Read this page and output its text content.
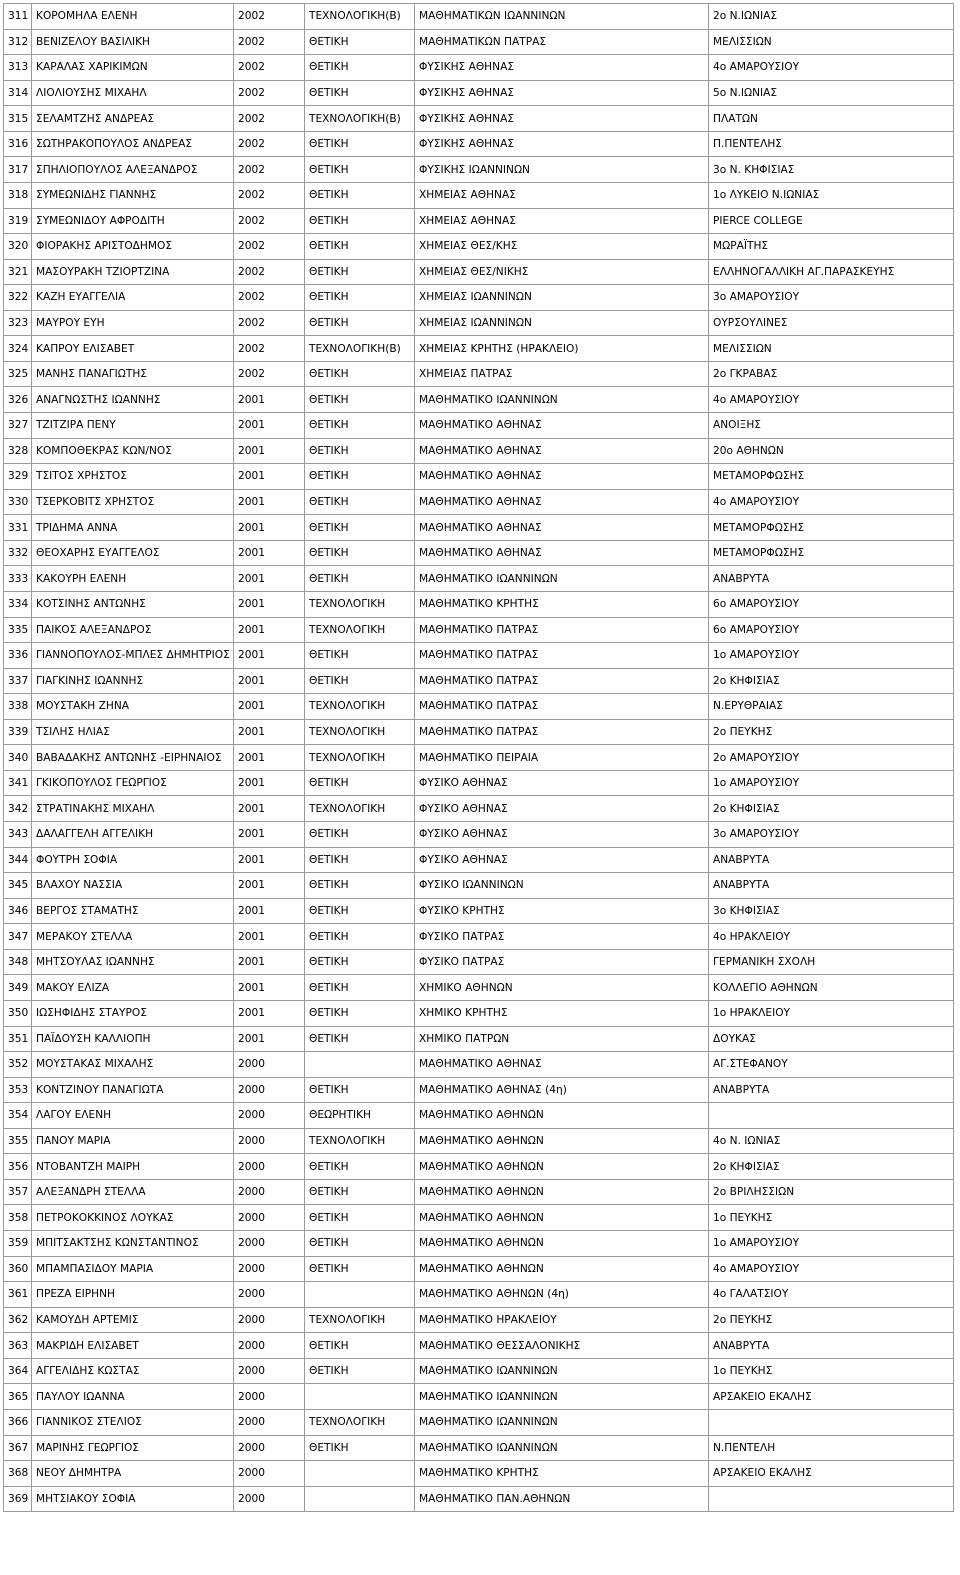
311	ΚΟΡΟΜΗΛΑ ΕΛΕΝΗ	2002	ΤΕΧΝΟΛΟΓΙΚΗ(Β)	ΜΑΘΗΜΑΤΙΚΩΝ ΙΩΑΝΝΙΝΩΝ	2ο Ν.ΙΩΝΙΑΣ
312	ΒΕΝΙΖΕΛΟΥ ΒΑΣΙΛΙΚΗ	2002	ΘΕΤΙΚΗ	ΜΑΘΗΜΑΤΙΚΩΝ ΠΑΤΡΑΣ	ΜΕΛΙΣΣΙΩΝ
313	ΚΑΡΑΛΑΣ ΧΑΡΙΚΙΜΩΝ	2002	ΘΕΤΙΚΗ	ΦΥΣΙΚΗΣ ΑΘΗΝΑΣ	4ο ΑΜΑΡΟΥΣΙΟΥ
314	ΛΙΟΛΙΟΥΣΗΣ ΜΙΧΑΗΛ	2002	ΘΕΤΙΚΗ	ΦΥΣΙΚΗΣ ΑΘΗΝΑΣ	5ο Ν.ΙΩΝΙΑΣ
315	ΣΕΛΑΜΤΖΗΣ ΑΝΔΡΕΑΣ	2002	ΤΕΧΝΟΛΟΓΙΚΗ(Β)	ΦΥΣΙΚΗΣ ΑΘΗΝΑΣ	ΠΛΑΤΩΝ
316	ΣΩΤΗΡΑΚΟΠΟΥΛΟΣ ΑΝΔΡΕΑΣ	2002	ΘΕΤΙΚΗ	ΦΥΣΙΚΗΣ ΑΘΗΝΑΣ	Π.ΠΕΝΤΕΛΗΣ
317	ΣΠΗΛΙΟΠΟΥΛΟΣ ΑΛΕΞΑΝΔΡΟΣ	2002	ΘΕΤΙΚΗ	ΦΥΣΙΚΗΣ ΙΩΑΝΝΙΝΩΝ	3ο Ν. ΚΗΦΙΣΙΑΣ
318	ΣΥΜΕΩΝΙΔΗΣ ΓΙΑΝΝΗΣ	2002	ΘΕΤΙΚΗ	ΧΗΜΕΙΑΣ ΑΘΗΝΑΣ	1ο ΛΥΚΕΙΟ Ν.ΙΩΝΙΑΣ
319	ΣΥΜΕΩΝΙΔΟΥ ΑΦΡΟΔΙΤΗ	2002	ΘΕΤΙΚΗ	ΧΗΜΕΙΑΣ ΑΘΗΝΑΣ	PIERCE COLLEGE
320	ΦΙΟΡΑΚΗΣ ΑΡΙΣΤΟΔΗΜΟΣ	2002	ΘΕΤΙΚΗ	ΧΗΜΕΙΑΣ ΘΕΣ/ΚΗΣ	ΜΩΡΑΪΤΗΣ
321	ΜΑΣΟΥΡΑΚΗ ΤΖΙΟΡΤΖΙΝΑ	2002	ΘΕΤΙΚΗ	ΧΗΜΕΙΑΣ ΘΕΣ/ΝΙΚΗΣ	ΕΛΛΗΝΟΓΑΛΛΙΚΗ ΑΓ.ΠΑΡΑΣΚΕΥΗΣ
322	ΚΑΖΗ ΕΥΑΓΓΕΛΙΑ	2002	ΘΕΤΙΚΗ	ΧΗΜΕΙΑΣ ΙΩΑΝΝΙΝΩΝ	3ο ΑΜΑΡΟΥΣΙΟΥ
323	ΜΑΥΡΟΥ ΕΥΗ	2002	ΘΕΤΙΚΗ	ΧΗΜΕΙΑΣ ΙΩΑΝΝΙΝΩΝ	ΟΥΡΣΟΥΛΙΝΕΣ
324	ΚΑΠΡΟΥ ΕΛΙΣΑΒΕΤ	2002	ΤΕΧΝΟΛΟΓΙΚΗ(Β)	ΧΗΜΕΙΑΣ ΚΡΗΤΗΣ (ΗΡΑΚΛΕΙΟ)	ΜΕΛΙΣΣΙΩΝ
325	ΜΑΝΗΣ ΠΑΝΑΓΙΩΤΗΣ	2002	ΘΕΤΙΚΗ	ΧΗΜΕΙΑΣ ΠΑΤΡΑΣ	2ο ΓΚΡΑΒΑΣ
326	ΑΝΑΓΝΩΣΤΗΣ ΙΩΑΝΝΗΣ	2001	ΘΕΤΙΚΗ	ΜΑΘΗΜΑΤΙΚΟ ΙΩΑΝΝΙΝΩΝ	4ο ΑΜΑΡΟΥΣΙΟΥ
327	ΤΖΙΤΖΙΡΑ ΠΕΝΥ	2001	ΘΕΤΙΚΗ	ΜΑΘΗΜΑΤΙΚΟ ΑΘΗΝΑΣ	ΑΝΟΙΞΗΣ
328	ΚΟΜΠΟΘΕΚΡΑΣ ΚΩΝ/ΝΟΣ	2001	ΘΕΤΙΚΗ	ΜΑΘΗΜΑΤΙΚΟ ΑΘΗΝΑΣ	20ο ΑΘΗΝΩΝ
329	ΤΣΙΤΟΣ ΧΡΗΣΤΟΣ	2001	ΘΕΤΙΚΗ	ΜΑΘΗΜΑΤΙΚΟ ΑΘΗΝΑΣ	ΜΕΤΑΜΟΡΦΩΣΗΣ
330	ΤΣΕΡΚΟΒΙΤΣ ΧΡΗΣΤΟΣ	2001	ΘΕΤΙΚΗ	ΜΑΘΗΜΑΤΙΚΟ ΑΘΗΝΑΣ	4ο ΑΜΑΡΟΥΣΙΟΥ
331	ΤΡΙΔΗΜΑ ΑΝΝΑ	2001	ΘΕΤΙΚΗ	ΜΑΘΗΜΑΤΙΚΟ ΑΘΗΝΑΣ	ΜΕΤΑΜΟΡΦΩΣΗΣ
332	ΘΕΟΧΑΡΗΣ ΕΥΑΓΓΕΛΟΣ	2001	ΘΕΤΙΚΗ	ΜΑΘΗΜΑΤΙΚΟ ΑΘΗΝΑΣ	ΜΕΤΑΜΟΡΦΩΣΗΣ
333	ΚΑΚΟΥΡΗ ΕΛΕΝΗ	2001	ΘΕΤΙΚΗ	ΜΑΘΗΜΑΤΙΚΟ ΙΩΑΝΝΙΝΩΝ	ΑΝΑΒΡΥΤΑ
334	ΚΟΤΣΙΝΗΣ ΑΝΤΩΝΗΣ	2001	ΤΕΧΝΟΛΟΓΙΚΗ	ΜΑΘΗΜΑΤΙΚΟ ΚΡΗΤΗΣ	6ο ΑΜΑΡΟΥΣΙΟΥ
335	ΠΑΙΚΟΣ ΑΛΕΞΑΝΔΡΟΣ	2001	ΤΕΧΝΟΛΟΓΙΚΗ	ΜΑΘΗΜΑΤΙΚΟ ΠΑΤΡΑΣ	6ο ΑΜΑΡΟΥΣΙΟΥ
336	ΓΙΑΝΝΟΠΟΥΛΟΣ-ΜΠΛΕΣ ΔΗΜΗΤΡΙΟΣ	2001	ΘΕΤΙΚΗ	ΜΑΘΗΜΑΤΙΚΟ ΠΑΤΡΑΣ	1ο ΑΜΑΡΟΥΣΙΟΥ
337	ΓΙΑΓΚΙΝΗΣ ΙΩΑΝΝΗΣ	2001	ΘΕΤΙΚΗ	ΜΑΘΗΜΑΤΙΚΟ ΠΑΤΡΑΣ	2ο ΚΗΦΙΣΙΑΣ
338	ΜΟΥΣΤΑΚΗ ΖΗΝΑ	2001	ΤΕΧΝΟΛΟΓΙΚΗ	ΜΑΘΗΜΑΤΙΚΟ ΠΑΤΡΑΣ	Ν.ΕΡΥΘΡΑΙΑΣ
339	ΤΣΙΛΗΣ ΗΛΙΑΣ	2001	ΤΕΧΝΟΛΟΓΙΚΗ	ΜΑΘΗΜΑΤΙΚΟ ΠΑΤΡΑΣ	2ο ΠΕΥΚΗΣ
340	ΒΑΒΑΔΑΚΗΣ ΑΝΤΩΝΗΣ -ΕΙΡΗΝΑΙΟΣ	2001	ΤΕΧΝΟΛΟΓΙΚΗ	ΜΑΘΗΜΑΤΙΚΟ ΠΕΙΡΑΙΑ	2ο ΑΜΑΡΟΥΣΙΟΥ
341	ΓΚΙΚΟΠΟΥΛΟΣ ΓΕΩΡΓΙΟΣ	2001	ΘΕΤΙΚΗ	ΦΥΣΙΚΟ ΑΘΗΝΑΣ	1ο ΑΜΑΡΟΥΣΙΟΥ
342	ΣΤΡΑΤΙΝΑΚΗΣ ΜΙΧΑΗΛ	2001	ΤΕΧΝΟΛΟΓΙΚΗ	ΦΥΣΙΚΟ ΑΘΗΝΑΣ	2ο ΚΗΦΙΣΙΑΣ
343	ΔΑΛΑΓΓΕΛΗ ΑΓΓΕΛΙΚΗ	2001	ΘΕΤΙΚΗ	ΦΥΣΙΚΟ ΑΘΗΝΑΣ	3ο ΑΜΑΡΟΥΣΙΟΥ
344	ΦΟΥΤΡΗ ΣΟΦΙΑ	2001	ΘΕΤΙΚΗ	ΦΥΣΙΚΟ ΑΘΗΝΑΣ	ΑΝΑΒΡΥΤΑ
345	ΒΛΑΧΟΥ ΝΑΣΣΙΑ	2001	ΘΕΤΙΚΗ	ΦΥΣΙΚΟ ΙΩΑΝΝΙΝΩΝ	ΑΝΑΒΡΥΤΑ
346	ΒΕΡΓΟΣ ΣΤΑΜΑΤΗΣ	2001	ΘΕΤΙΚΗ	ΦΥΣΙΚΟ ΚΡΗΤΗΣ	3ο ΚΗΦΙΣΙΑΣ
347	ΜΕΡΑΚΟΥ ΣΤΕΛΛΑ	2001	ΘΕΤΙΚΗ	ΦΥΣΙΚΟ ΠΑΤΡΑΣ	4ο ΗΡΑΚΛΕΙΟΥ
348	ΜΗΤΣΟΥΛΑΣ ΙΩΑΝΝΗΣ	2001	ΘΕΤΙΚΗ	ΦΥΣΙΚΟ ΠΑΤΡΑΣ	ΓΕΡΜΑΝΙΚΗ ΣΧΟΛΗ
349	ΜΑΚΟΥ ΕΛΙΖΑ	2001	ΘΕΤΙΚΗ	ΧΗΜΙΚΟ ΑΘΗΝΩΝ	ΚΟΛΛΕΓΙΟ ΑΘΗΝΩΝ
350	ΙΩΣΗΦΙΔΗΣ ΣΤΑΥΡΟΣ	2001	ΘΕΤΙΚΗ	ΧΗΜΙΚΟ ΚΡΗΤΗΣ	1ο ΗΡΑΚΛΕΙΟΥ
351	ΠΑΪΔΟΥΣΗ ΚΑΛΛΙΟΠΗ	2001	ΘΕΤΙΚΗ	ΧΗΜΙΚΟ ΠΑΤΡΩΝ	ΔΟΥΚΑΣ
352	ΜΟΥΣΤΑΚΑΣ ΜΙΧΑΛΗΣ	2000		ΜΑΘΗΜΑΤΙΚΟ ΑΘΗΝΑΣ	ΑΓ.ΣΤΕΦΑΝΟΥ
353	ΚΟΝΤΖΙΝΟΥ ΠΑΝΑΓΙΩΤΑ	2000	ΘΕΤΙΚΗ	ΜΑΘΗΜΑΤΙΚΟ ΑΘΗΝΑΣ (4η)	ΑΝΑΒΡΥΤΑ
354	ΛΑΓΟΥ ΕΛΕΝΗ	2000	ΘΕΩΡΗΤΙΚΗ	ΜΑΘΗΜΑΤΙΚΟ ΑΘΗΝΩΝ	
355	ΠΑΝΟΥ ΜΑΡΙΑ	2000	ΤΕΧΝΟΛΟΓΙΚΗ	ΜΑΘΗΜΑΤΙΚΟ ΑΘΗΝΩΝ	4ο Ν. ΙΩΝΙΑΣ
356	ΝΤΟΒΑΝΤΖΗ ΜΑΙΡΗ	2000	ΘΕΤΙΚΗ	ΜΑΘΗΜΑΤΙΚΟ ΑΘΗΝΩΝ	2ο ΚΗΦΙΣΙΑΣ
357	ΑΛΕΞΑΝΔΡΗ ΣΤΕΛΛΑ	2000	ΘΕΤΙΚΗ	ΜΑΘΗΜΑΤΙΚΟ ΑΘΗΝΩΝ	2ο ΒΡΙΛΗΣΣΙΩΝ
358	ΠΕΤΡΟΚΟΚΚΙΝΟΣ ΛΟΥΚΑΣ	2000	ΘΕΤΙΚΗ	ΜΑΘΗΜΑΤΙΚΟ ΑΘΗΝΩΝ	1ο ΠΕΥΚΗΣ
359	ΜΠΙΤΣΑΚΤΣΗΣ ΚΩΝΣΤΑΝΤΙΝΟΣ	2000	ΘΕΤΙΚΗ	ΜΑΘΗΜΑΤΙΚΟ ΑΘΗΝΩΝ	1ο ΑΜΑΡΟΥΣΙΟΥ
360	ΜΠΑΜΠΑΣΙΔΟΥ ΜΑΡΙΑ	2000	ΘΕΤΙΚΗ	ΜΑΘΗΜΑΤΙΚΟ ΑΘΗΝΩΝ	4ο ΑΜΑΡΟΥΣΙΟΥ
361	ΠΡΕΖΑ ΕΙΡΗΝΗ	2000		ΜΑΘΗΜΑΤΙΚΟ ΑΘΗΝΩΝ (4η)	4ο ΓΑΛΑΤΣΙΟΥ
362	ΚΑΜΟΥΔΗ ΑΡΤΕΜΙΣ	2000	ΤΕΧΝΟΛΟΓΙΚΗ	ΜΑΘΗΜΑΤΙΚΟ ΗΡΑΚΛΕΙΟΥ	2ο ΠΕΥΚΗΣ
363	ΜΑΚΡΙΔΗ ΕΛΙΣΑΒΕΤ	2000	ΘΕΤΙΚΗ	ΜΑΘΗΜΑΤΙΚΟ ΘΕΣΣΑΛΟΝΙΚΗΣ	ΑΝΑΒΡΥΤΑ
364	ΑΓΓΕΛΙΔΗΣ ΚΩΣΤΑΣ	2000	ΘΕΤΙΚΗ	ΜΑΘΗΜΑΤΙΚΟ ΙΩΑΝΝΙΝΩΝ	1ο ΠΕΥΚΗΣ
365	ΠΑΥΛΟΥ ΙΩΑΝΝΑ	2000		ΜΑΘΗΜΑΤΙΚΟ ΙΩΑΝΝΙΝΩΝ	ΑΡΣΑΚΕΙΟ ΕΚΑΛΗΣ
366	ΓΙΑΝΝΙΚΟΣ ΣΤΕΛΙΟΣ	2000	ΤΕΧΝΟΛΟΓΙΚΗ	ΜΑΘΗΜΑΤΙΚΟ ΙΩΑΝΝΙΝΩΝ	
367	ΜΑΡΙΝΗΣ ΓΕΩΡΓΙΟΣ	2000	ΘΕΤΙΚΗ	ΜΑΘΗΜΑΤΙΚΟ ΙΩΑΝΝΙΝΩΝ	Ν.ΠΕΝΤΕΛΗ
368	ΝΕΟΥ ΔΗΜΗΤΡΑ	2000		ΜΑΘΗΜΑΤΙΚΟ ΚΡΗΤΗΣ	ΑΡΣΑΚΕΙΟ ΕΚΑΛΗΣ
369	ΜΗΤΣΙΑΚΟΥ ΣΟΦΙΑ	2000		ΜΑΘΗΜΑΤΙΚΟ ΠΑΝ.ΑΘΗΝΩΝ	
